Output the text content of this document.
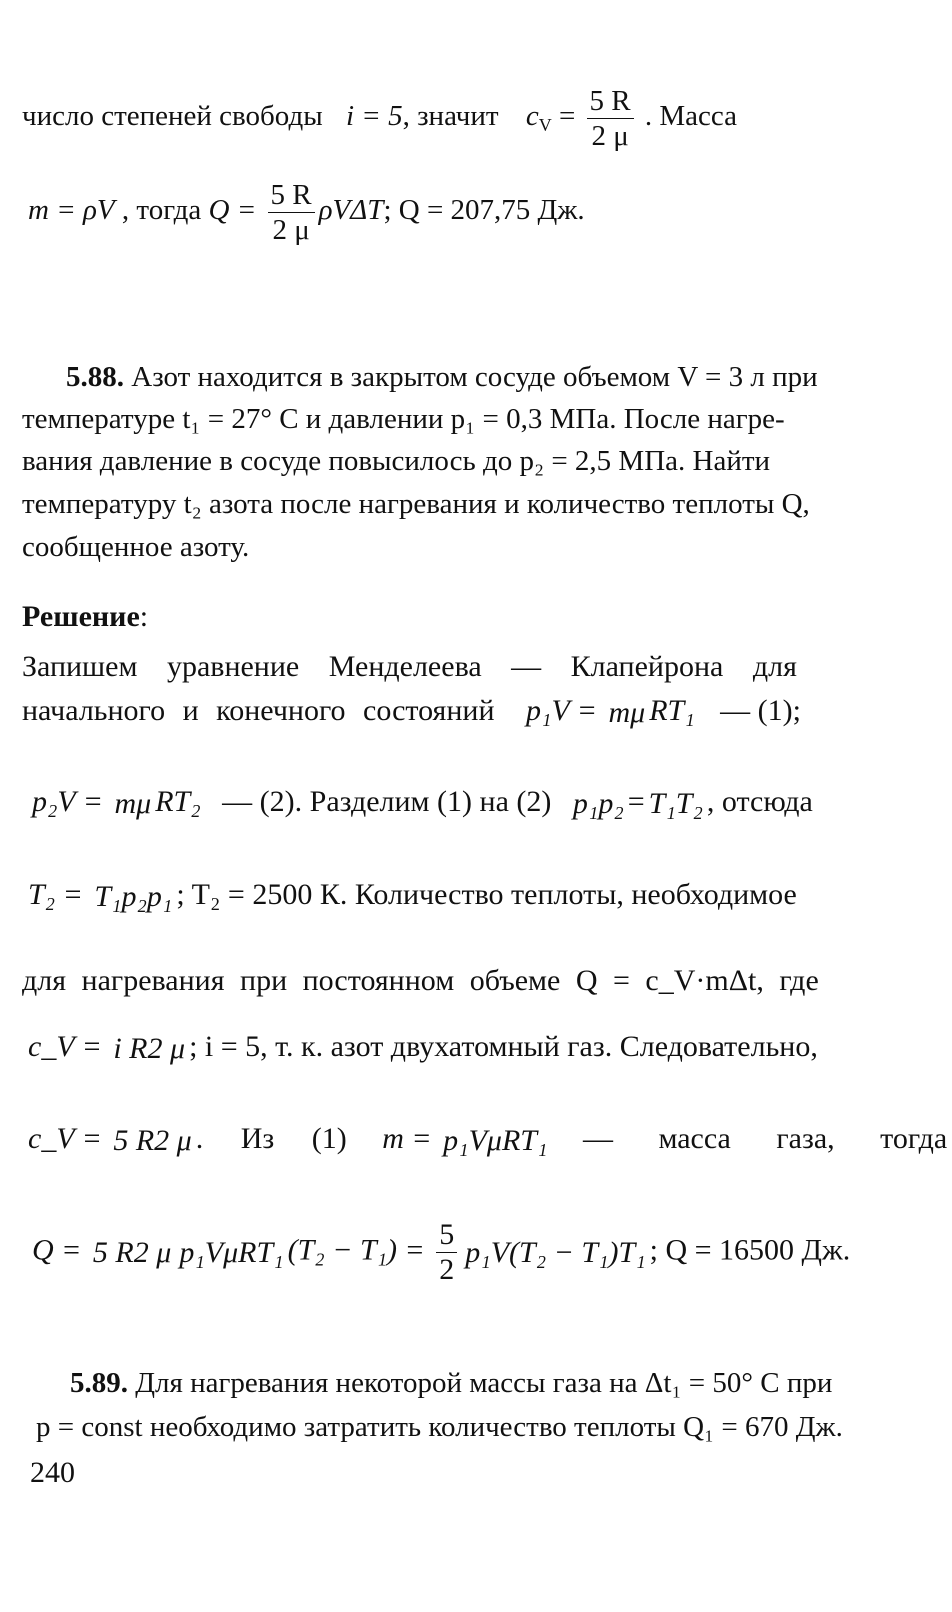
число степеней свободы i = 5, значит $c_V = \frac{5 R}{2 \mu}$ . Масса
m = ρV , тогда $Q = \frac{5 R}{2 \mu} \rho V\Delta T$; Q = 207,75 Дж.
5.88. Азот находится в закрытом сосуде объемом V = 3 л при
температуре t₁ = 27° С и давлении p₁ = 0,3 МПа. После нагре-
вания давление в сосуде повысилось до p₂ = 2,5 МПа. Найти
температуру t₂ азота после нагревания и количество теплоты Q,
сообщенное азоту.
Решение:
Запишем уравнение Менделеева — Клапейрона для
начального и конечного состояний p₁V = mμ RT₁ — (1);
p₂V = mμ RT₂ — (2). Разделим (1) на (2) p₁p₂ = T₁T₂ , отсюда
T₂ = T₁p₂p₁ ; T₂ = 2500 К. Количество теплоты, необходимое
для нагревания при постоянном объеме Q = c_V·mΔt, где
c_V = i R2 μ ; i = 5, т. к. азот двухатомный газ. Следовательно,
c_V = 5 R2 μ . Из (1) m = p₁VμRT₁ — масса газа, тогда
Q = 5 R2 μ p₁VμRT₁ $(T_2 - T_1) = \frac{5}{2} p_1V(T_2 - T_1)T_1$ ; Q = 16500 Дж.
5.89. Для нагревания некоторой массы газа на Δt₁ = 50° С при
p = const необходимо затратить количество теплоты Q₁ = 670 Дж.
240
